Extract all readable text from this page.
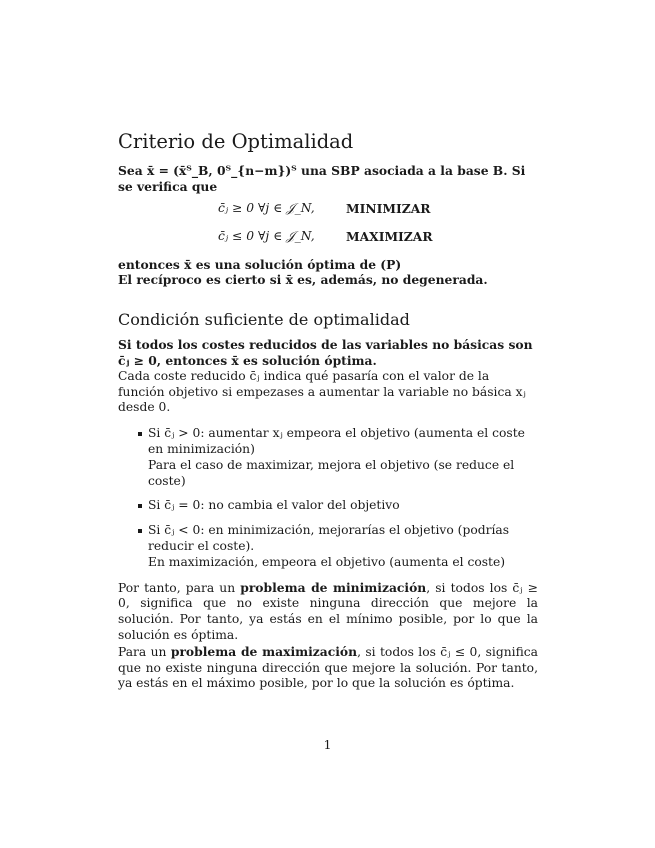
Criterio de Optimalidad

Sea x̄ = (x̄ᵀ_B, 0ᵀ_{n−m})ᵀ una SBP asociada a la base B. Si se verifica que

c̄ⱼ ≥ 0 ∀j ∈ 𝒥_N,	MINIMIZAR
c̄ⱼ ≤ 0 ∀j ∈ 𝒥_N,	MAXIMIZAR

entonces x̄ es una solución óptima de (P)

El recíproco es cierto si x̄ es, además, no degenerada.

Condición suficiente de optimalidad

Si todos los costes reducidos de las variables no básicas son c̄ⱼ ≥ 0, entonces x̄ es solución óptima.

Cada coste reducido c̄ⱼ indica qué pasaría con el valor de la función objetivo si empezases a aumentar la variable no básica xⱼ desde 0.

Si c̄ⱼ > 0: aumentar xⱼ empeora el objetivo (aumenta el coste en minimización)
Para el caso de maximizar, mejora el objetivo (se reduce el coste)
Si c̄ⱼ = 0: no cambia el valor del objetivo
Si c̄ⱼ < 0: en minimización, mejorarías el objetivo (podrías reducir el coste).
En maximización, empeora el objetivo (aumenta el coste)

Por tanto, para un problema de minimización, si todos los c̄ⱼ ≥ 0, significa que no existe ninguna dirección que mejore la solución. Por tanto, ya estás en el mínimo posible, por lo que la solución es óptima.

Para un problema de maximización, si todos los c̄ⱼ ≤ 0, significa que no existe ninguna dirección que mejore la solución. Por tanto, ya estás en el máximo posible, por lo que la solución es óptima.

1
